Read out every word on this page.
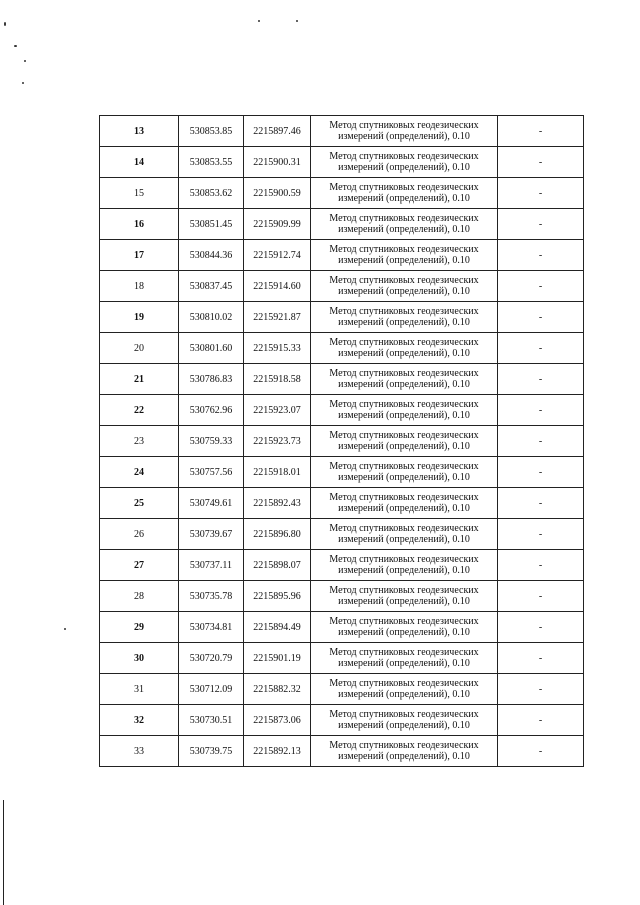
13	530853.85	2215897.46	Метод спутниковых геодезических
измерений (определений), 0.10	-
14	530853.55	2215900.31	Метод спутниковых геодезических
измерений (определений), 0.10	-
15	530853.62	2215900.59	Метод спутниковых геодезических
измерений (определений), 0.10	-
16	530851.45	2215909.99	Метод спутниковых геодезических
измерений (определений), 0.10	-
17	530844.36	2215912.74	Метод спутниковых геодезических
измерений (определений), 0.10	-
18	530837.45	2215914.60	Метод спутниковых геодезических
измерений (определений), 0.10	-
19	530810.02	2215921.87	Метод спутниковых геодезических
измерений (определений), 0.10	-
20	530801.60	2215915.33	Метод спутниковых геодезических
измерений (определений), 0.10	-
21	530786.83	2215918.58	Метод спутниковых геодезических
измерений (определений), 0.10	-
22	530762.96	2215923.07	Метод спутниковых геодезических
измерений (определений), 0.10	-
23	530759.33	2215923.73	Метод спутниковых геодезических
измерений (определений), 0.10	-
24	530757.56	2215918.01	Метод спутниковых геодезических
измерений (определений), 0.10	-
25	530749.61	2215892.43	Метод спутниковых геодезических
измерений (определений), 0.10	-
26	530739.67	2215896.80	Метод спутниковых геодезических
измерений (определений), 0.10	-
27	530737.11	2215898.07	Метод спутниковых геодезических
измерений (определений), 0.10	-
28	530735.78	2215895.96	Метод спутниковых геодезических
измерений (определений), 0.10	-
29	530734.81	2215894.49	Метод спутниковых геодезических
измерений (определений), 0.10	-
30	530720.79	2215901.19	Метод спутниковых геодезических
измерений (определений), 0.10	-
31	530712.09	2215882.32	Метод спутниковых геодезических
измерений (определений), 0.10	-
32	530730.51	2215873.06	Метод спутниковых геодезических
измерений (определений), 0.10	-
33	530739.75	2215892.13	Метод спутниковых геодезических
измерений (определений), 0.10	-
